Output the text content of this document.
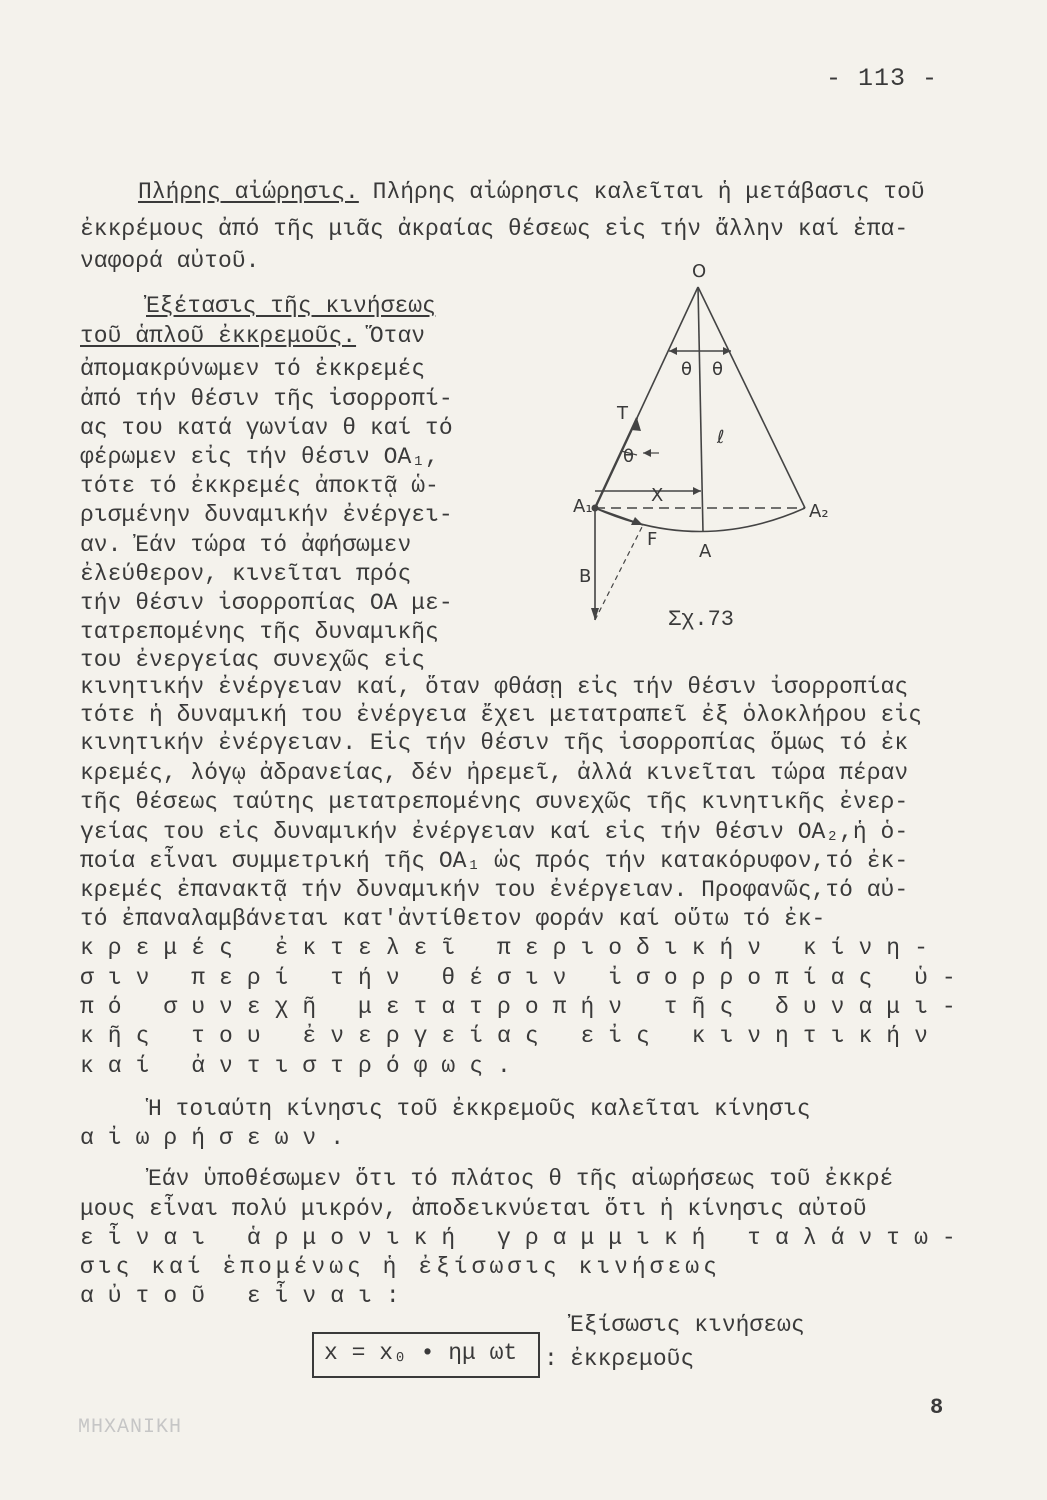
- 113 -
Πλήρης αἰώρησις. Πλήρης αἰώρησις καλεῖται ἡ μετάβασις τοῦ
ἐκκρέμους ἀπό τῆς μιᾶς ἀκραίας θέσεως εἰς τήν ἄλλην καί ἐπα-
ναφορά αὐτοῦ.
Ἐξέτασις τῆς κινήσεως
τοῦ ἁπλοῦ ἐκκρεμοῦς. Ὅταν
ἀπομακρύνωμεν τό ἐκκρεμές
ἀπό τήν θέσιν τῆς ἰσορροπί-
ας του κατά γωνίαν θ καί τό
φέρωμεν εἰς τήν θέσιν ΟΑ₁,
τότε τό ἐκκρεμές ἀποκτᾷ ὡ-
ρισμένην δυναμικήν ἐνέργει-
αν. Ἐάν τώρα τό ἀφήσωμεν
ἐλεύθερον, κινεῖται πρός
τήν θέσιν ἰσορροπίας ΟΑ με-
τατρεπομένης τῆς δυναμικῆς
του ἐνεργείας συνεχῶς εἰς
κινητικήν ἐνέργειαν καί, ὅταν φθάσῃ εἰς τήν θέσιν ἰσορροπίας
τότε ἡ δυναμική του ἐνέργεια ἔχει μετατραπεῖ ἐξ ὁλοκλήρου εἰς
κινητικήν ἐνέργειαν. Εἰς τήν θέσιν τῆς ἰσορροπίας ὅμως τό ἐκ
κρεμές, λόγῳ ἀδρανείας, δέν ἠρεμεῖ, ἀλλά κινεῖται τώρα πέραν
τῆς θέσεως ταύτης μετατρεπομένης συνεχῶς τῆς κινητικῆς ἐνερ-
γείας του εἰς δυναμικήν ἐνέργειαν καί εἰς τήν θέσιν ΟΑ₂,ἡ ὁ-
ποία εἶναι συμμετρική τῆς ΟΑ₁ ὡς πρός τήν κατακόρυφον,τό ἐκ-
κρεμές ἐπανακτᾷ τήν δυναμικήν του ἐνέργειαν. Προφανῶς,τό αὐ-
τό ἐπαναλαμβάνεται κατ'ἀντίθετον φοράν καί οὕτω τό ἐκ-
κρεμές ἐκτελεῖ περιοδικήν κίνη-
σιν περί τήν θέσιν ἰσορροπίας ὑ-
πό συνεχῆ μετατροπήν τῆς δυναμι-
κῆς του ἐνεργείας εἰς κινητικήν
καί ἀντιστρόφως.
Ἡ τοιαύτη κίνησις τοῦ ἐκκρεμοῦς καλεῖται κίνησις
αἰωρήσεων.
Ἐάν ὑποθέσωμεν ὅτι τό πλάτος θ τῆς αἰωρήσεως τοῦ ἐκκρέ
μους εἶναι πολύ μικρόν, ἀποδεικνύεται ὅτι ἡ κίνησις αὐτοῦ
εἶναι ἁρμονική γραμμική ταλάντω-
σις καί ἑπομένως ἡ ἐξίσωσις κινήσεως
αὐτοῦ εἶναι:
x = x₀ • ημ ωt :
Ἐξίσωσις κινήσεως
ἐκκρεμοῦς
O
θ θ
ℓ
T
θ
X
A₁	A₂
A
F
B
Σχ.73
ΜΗΧΑΝΙΚΗ
8
